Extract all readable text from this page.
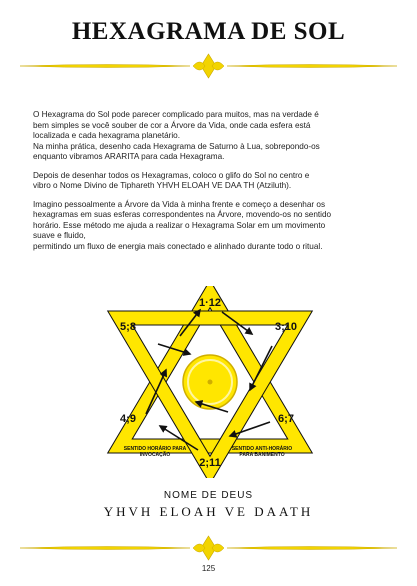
HEXAGRAMA DE SOL

O Hexagrama do Sol pode parecer complicado para muitos, mas na verdade é
bem simples se você souber de cor a Árvore da Vida, onde cada esfera está
localizada e cada hexagrama planetário.
Na minha prática, desenho cada Hexagrama de Saturno à Lua, sobrepondo-os
enquanto vibramos ARARITA para cada Hexagrama.

Depois de desenhar todos os Hexagramas, coloco o glifo do Sol no centro e
vibro o Nome Divino de Tiphareth YHVH ELOAH VE DAA TH (Atziluth).

Imagino pessoalmente a Árvore da Vida à minha frente e começo a desenhar os
hexagramas em suas esferas correspondentes na Árvore, movendo-os no sentido
horário. Esse método me ajuda a realizar o Hexagrama Solar em um movimento
suave e fluido,
permitindo um fluxo de energia mais conectado e alinhado durante todo o ritual.

1·12
5;8	3;10
4;9	6;7
2;11
SENTIDO HORÁRIO PARA
INVOCAÇÃO
SENTIDO ANTI-HORÁRIO
PARA BANIMENTO
NOME DE DEUS
YHVH ELOAH VE DAATH
125
